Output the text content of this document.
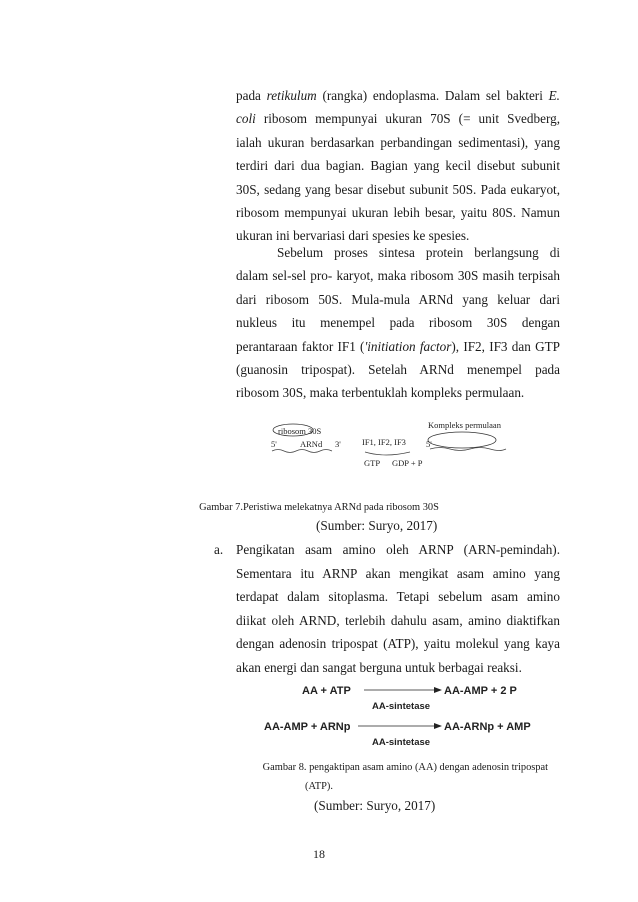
pada retikulum (rangka) endoplasma. Dalam sel bakteri E.
coli ribosom mempunyai ukuran 70S (= unit Svedberg,
ialah ukuran berdasarkan perbandingan sedimentasi), yang
terdiri dari dua bagian. Bagian yang kecil disebut subunit
30S, sedang yang besar disebut subunit 50S. Pada eukaryot,
ribosom mempunyai ukuran lebih besar, yaitu 80S. Namun
ukuran ini bervariasi dari spesies ke spesies.
Sebelum proses sintesa protein berlangsung di
dalam sel-sel pro- karyot, maka ribosom 30S masih terpisah
dari ribosom 50S. Mula-mula ARNd yang keluar dari
nukleus itu menempel pada ribosom 30S dengan
perantaraan faktor IF1 ('initiation factor), IF2, IF3 dan GTP
(guanosin tripospat). Setelah ARNd menempel pada
ribosom 30S, maka terbentuklah kompleks permulaan.
ribosom 30S
5'	ARNd 3' IF1, IF2, IF3
GTP GDP + P
Kompleks permulaan
5'
Gambar 7.Peristiwa melekatnya ARNd pada ribosom 30S
(Sumber: Suryo, 2017)
a. Pengikatan asam amino oleh ARNP (ARN-pemindah).
Sementara itu ARNP akan mengikat asam amino yang
terdapat dalam sitoplasma. Tetapi sebelum asam amino
diikat oleh ARND, terlebih dahulu asam, amino diaktifkan
dengan adenosin tripospat (ATP), yaitu molekul yang kaya
akan energi dan sangat berguna untuk berbagai reaksi.
AA + ATP	AA-AMP + 2 P
AA-sintetase
AA-AMP + ARNp	AA-ARNp + AMP
AA-sintetase
Gambar 8. pengaktipan asam amino (AA) dengan adenosin tripospat
(ATP).
(Sumber: Suryo, 2017)
18
